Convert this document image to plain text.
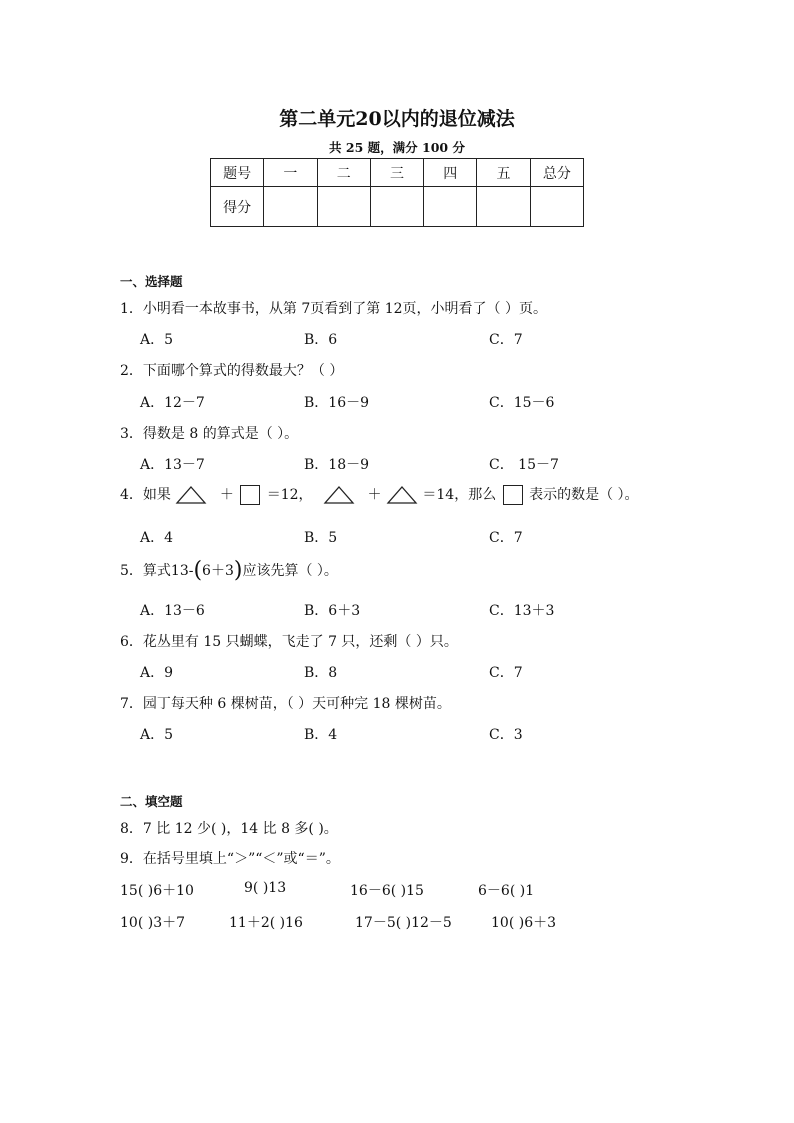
第二单元20以内的退位减法
共 25 题，满分 100 分
题号	一	二	三	四	五	总分
得分						
一、选择题
1．小明看一本故事书，从第 7页看到了第 12页，小明看了（ ）页。
A．5	B．6	C．7
2．下面哪个算式的得数最大？（ ）
A．12－7	B．16－9	C．15－6
3．得数是 8 的算式是（ ）。
A．13－7	B．18－9	C． 15－7
4．如果	＋ ＝12，	＋	＝14，那么 表示的数是（ ）。
A．4	B．5	C．7
5．算式13-(6＋3)应该先算（ ）。
A．13－6	B．6＋3	C．13＋3
6．花丛里有 15 只蝴蝶，飞走了 7 只，还剩（ ）只。
A．9	B．8	C．7
7．园丁每天种 6 棵树苗，（ ）天可种完 18 棵树苗。
A．5	B．4	C．3
二、填空题
8．7 比 12 少( )，14 比 8 多( )。
9．在括号里填上“＞”“＜”或“＝”。
15( )6＋10	9( )13	16－6( )15	6－6( )1
10( )3＋7	11＋2( )16	17－5( )12－5	10( )6＋3
